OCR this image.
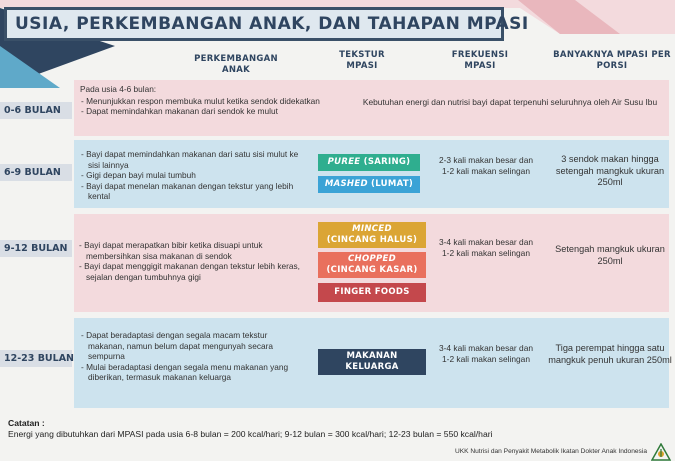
USIA, PERKEMBANGAN ANAK, DAN TAHAPAN MPASI
PERKEMBANGAN ANAK
TEKSTUR MPASI
FREKUENSI MPASI
BANYAKNYA MPASI PER PORSI
0-6 BULAN
Pada usia 4-6 bulan:
- Menunjukkan respon membuka mulut ketika sendok didekatkan
- Dapat memindahkan makanan dari sendok ke mulut
Kebutuhan energi dan nutrisi bayi dapat terpenuhi seluruhnya oleh Air Susu Ibu
6-9 BULAN
- Bayi dapat memindahkan makanan dari satu sisi mulut ke sisi lainnya
- Gigi depan bayi mulai tumbuh
- Bayi dapat menelan makanan dengan tekstur yang lebih kental
PUREE (SARING)
MASHED (LUMAT)
2-3 kali makan besar dan 1-2 kali makan selingan
3 sendok makan hingga setengah mangkuk ukuran 250ml
9-12 BULAN
-	Bayi dapat merapatkan bibir ketika disuapi untuk membersihkan sisa makanan di sendok
- Bayi dapat menggigit makanan dengan tekstur lebih keras, sejalan dengan tumbuhnya gigi
MINCED
(CINCANG HALUS)
CHOPPED
(CINCANG KASAR)
FINGER FOODS
3-4 kali makan besar dan 1-2 kali makan selingan	Setengah mangkuk ukuran 250ml
12-23 BULAN
- Dapat beradaptasi dengan segala macam tekstur makanan, namun belum dapat mengunyah secara sempurna
- Mulai beradaptasi dengan segala menu makanan yang diberikan, termasuk makanan keluarga
MAKANAN KELUARGA
3-4 kali makan besar dan 1-2 kali makan selingan
Tiga perempat hingga satu mangkuk penuh ukuran 250ml
Catatan :
Energi yang dibutuhkan dari MPASI pada usia 6-8 bulan = 200 kcal/hari; 9-12 bulan = 300 kcal/hari; 12-23 bulan = 550 kcal/hari
UKK Nutrisi dan Penyakit Metabolik Ikatan Dokter Anak Indonesia
